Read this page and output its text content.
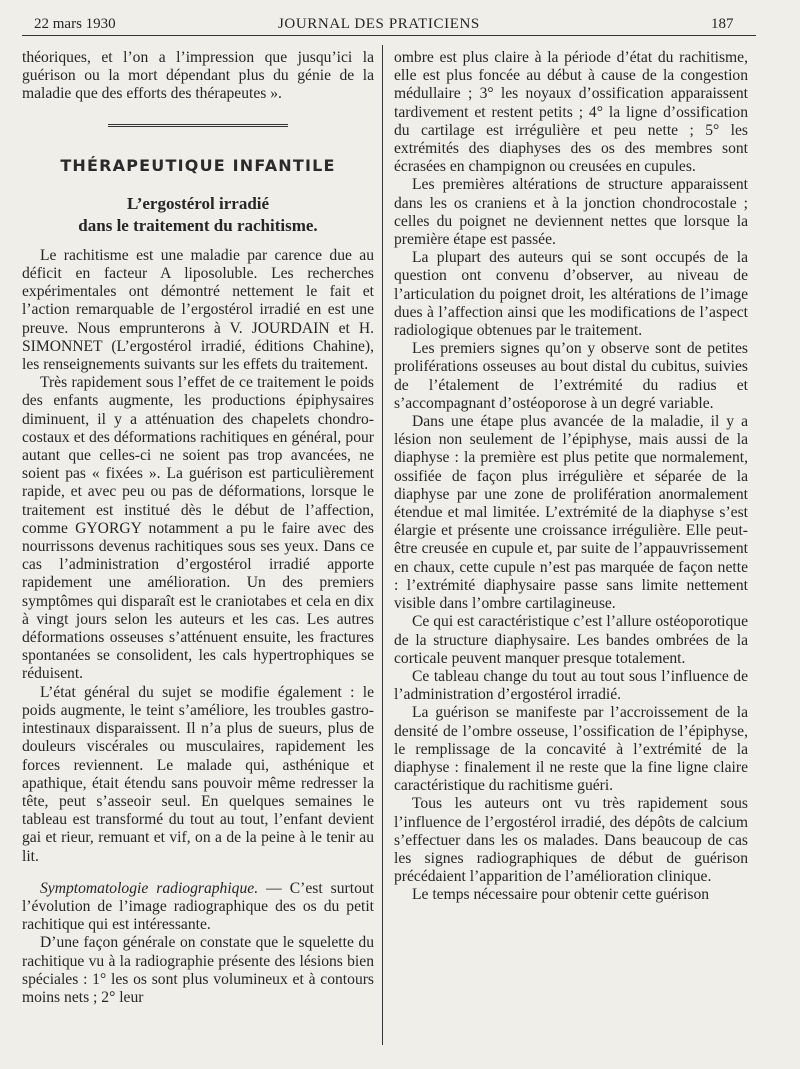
22 mars 1930	JOURNAL DES PRATICIENS	187

théoriques, et l’on a l’impression que jusqu’ici la guérison ou la mort dépendant plus du génie de la maladie que des efforts des thérapeutes ».

THÉRAPEUTIQUE INFANTILE
L’ergostérol irradié
dans le traitement du rachitisme.

Le rachitisme est une maladie par carence due au déficit en facteur A liposoluble. Les recherches expérimentales ont démontré nettement le fait et l’action remarquable de l’ergostérol irradié en est une preuve. Nous emprunterons à V. JOURDAIN et H. SIMONNET (L’ergostérol irradié, éditions Chahine), les renseignements suivants sur les effets du traitement.

Très rapidement sous l’effet de ce traitement le poids des enfants augmente, les productions épiphysaires diminuent, il y a atténuation des chapelets chondro-costaux et des déformations rachitiques en général, pour autant que celles-ci ne soient pas trop avancées, ne soient pas « fixées ». La guérison est particulièrement rapide, et avec peu ou pas de déformations, lorsque le traitement est institué dès le début de l’affection, comme GYORGY notamment a pu le faire avec des nourrissons devenus rachitiques sous ses yeux. Dans ce cas l’administration d’ergostérol irradié apporte rapidement une amélioration. Un des premiers symptômes qui disparaît est le craniotabes et cela en dix à vingt jours selon les auteurs et les cas. Les autres déformations osseuses s’atténuent ensuite, les fractures spontanées se consolident, les cals hypertrophiques se réduisent.

L’état général du sujet se modifie également : le poids augmente, le teint s’améliore, les troubles gastro-intestinaux disparaissent. Il n’a plus de sueurs, plus de douleurs viscérales ou musculaires, rapidement les forces reviennent. Le malade qui, asthénique et apathique, était étendu sans pouvoir même redresser la tête, peut s’asseoir seul. En quelques semaines le tableau est transformé du tout au tout, l’enfant devient gai et rieur, remuant et vif, on a de la peine à le tenir au lit.

Symptomatologie radiographique. — C’est surtout l’évolution de l’image radiographique des os du petit rachitique qui est intéressante.

D’une façon générale on constate que le squelette du rachitique vu à la radiographie présente des lésions bien spéciales : 1° les os sont plus volumineux et à contours moins nets ; 2° leur

ombre est plus claire à la période d’état du rachitisme, elle est plus foncée au début à cause de la congestion médullaire ; 3° les noyaux d’ossification apparaissent tardivement et restent petits ; 4° la ligne d’ossification du cartilage est irrégulière et peu nette ; 5° les extrémités des diaphyses des os des membres sont écrasées en champignon ou creusées en cupules.

Les premières altérations de structure apparaissent dans les os craniens et à la jonction chondrocostale ; celles du poignet ne deviennent nettes que lorsque la première étape est passée.

La plupart des auteurs qui se sont occupés de la question ont convenu d’observer, au niveau de l’articulation du poignet droit, les altérations de l’image dues à l’affection ainsi que les modifications de l’aspect radiologique obtenues par le traitement.

Les premiers signes qu’on y observe sont de petites proliférations osseuses au bout distal du cubitus, suivies de l’étalement de l’extrémité du radius et s’accompagnant d’ostéoporose à un degré variable.

Dans une étape plus avancée de la maladie, il y a lésion non seulement de l’épiphyse, mais aussi de la diaphyse : la première est plus petite que normalement, ossifiée de façon plus irrégulière et séparée de la diaphyse par une zone de prolifération anormalement étendue et mal limitée. L’extrémité de la diaphyse s’est élargie et présente une croissance irrégulière. Elle peut-être creusée en cupule et, par suite de l’appauvrissement en chaux, cette cupule n’est pas marquée de façon nette : l’extrémité diaphysaire passe sans limite nettement visible dans l’ombre cartilagineuse.

Ce qui est caractéristique c’est l’allure ostéoporotique de la structure diaphysaire. Les bandes ombrées de la corticale peuvent manquer presque totalement.

Ce tableau change du tout au tout sous l’influence de l’administration d’ergostérol irradié.

La guérison se manifeste par l’accroissement de la densité de l’ombre osseuse, l’ossification de l’épiphyse, le remplissage de la concavité à l’extrémité de la diaphyse : finalement il ne reste que la fine ligne claire caractéristique du rachitisme guéri.

Tous les auteurs ont vu très rapidement sous l’influence de l’ergostérol irradié, des dépôts de calcium s’effectuer dans les os malades. Dans beaucoup de cas les signes radiographiques de début de guérison précédaient l’apparition de l’amélioration clinique.

Le temps nécessaire pour obtenir cette guérison
